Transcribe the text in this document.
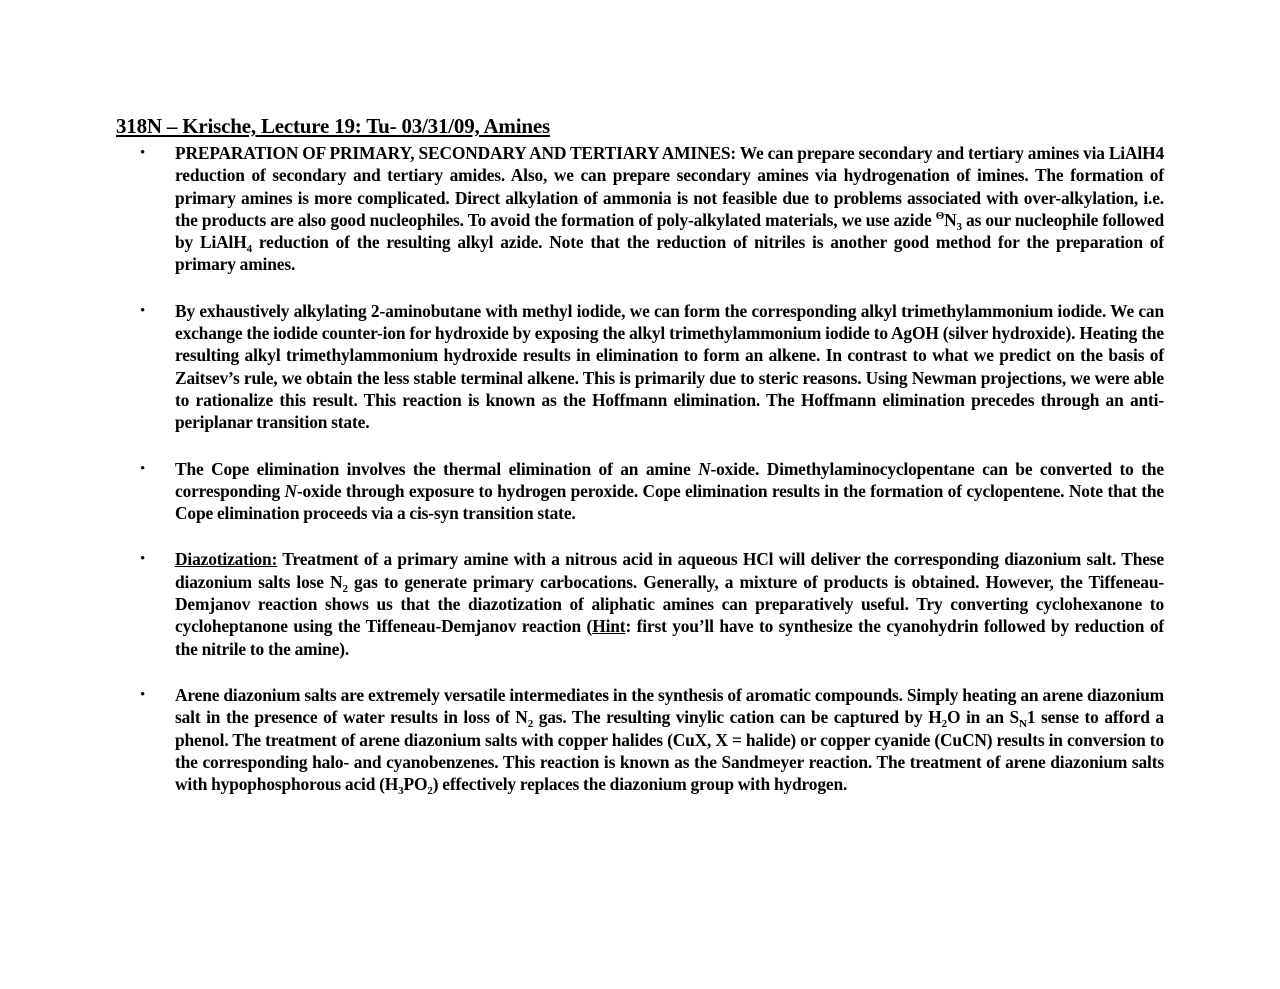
318N – Krische, Lecture 19: Tu- 03/31/09, Amines
• PREPARATION OF PRIMARY, SECONDARY AND TERTIARY AMINES: We can prepare secondary and tertiary amines via LiAlH4 reduction of secondary and tertiary amides. Also, we can prepare secondary amines via hydrogenation of imines. The formation of primary amines is more complicated. Direct alkylation of ammonia is not feasible due to problems associated with over-alkylation, i.e. the products are also good nucleophiles. To avoid the formation of poly-alkylated materials, we use azide $^\Theta N_3$ as our nucleophile followed by LiAlH$_4$ reduction of the resulting alkyl azide. Note that the reduction of nitriles is another good method for the preparation of primary amines.
• By exhaustively alkylating 2-aminobutane with methyl iodide, we can form the corresponding alkyl trimethylammonium iodide. We can exchange the iodide counter-ion for hydroxide by exposing the alkyl trimethylammonium iodide to AgOH (silver hydroxide). Heating the resulting alkyl trimethylammonium hydroxide results in elimination to form an alkene. In contrast to what we predict on the basis of Zaitsev’s rule, we obtain the less stable terminal alkene. This is primarily due to steric reasons. Using Newman projections, we were able to rationalize this result. This reaction is known as the Hoffmann elimination. The Hoffmann elimination precedes through an anti-periplanar transition state.
• The Cope elimination involves the thermal elimination of an amine N-oxide. Dimethylaminocyclopentane can be converted to the corresponding N-oxide through exposure to hydrogen peroxide. Cope elimination results in the formation of cyclopentene. Note that the Cope elimination proceeds via a cis-syn transition state.
• Diazotization: Treatment of a primary amine with a nitrous acid in aqueous HCl will deliver the corresponding diazonium salt. These diazonium salts lose $N_2$ gas to generate primary carbocations. Generally, a mixture of products is obtained. However, the Tiffeneau-Demjanov reaction shows us that the diazotization of aliphatic amines can preparatively useful. Try converting cyclohexanone to cycloheptanone using the Tiffeneau-Demjanov reaction (Hint: first you’ll have to synthesize the cyanohydrin followed by reduction of the nitrile to the amine).
• Arene diazonium salts are extremely versatile intermediates in the synthesis of aromatic compounds. Simply heating an arene diazonium salt in the presence of water results in loss of $N_2$ gas. The resulting vinylic cation can be captured by $H_2O$ in an $S_N1$ sense to afford a phenol. The treatment of arene diazonium salts with copper halides (CuX, X = halide) or copper cyanide (CuCN) results in conversion to the corresponding halo- and cyanobenzenes. This reaction is known as the Sandmeyer reaction. The treatment of arene diazonium salts with hypophosphorous acid $(H_3PO_2)$ effectively replaces the diazonium group with hydrogen.
